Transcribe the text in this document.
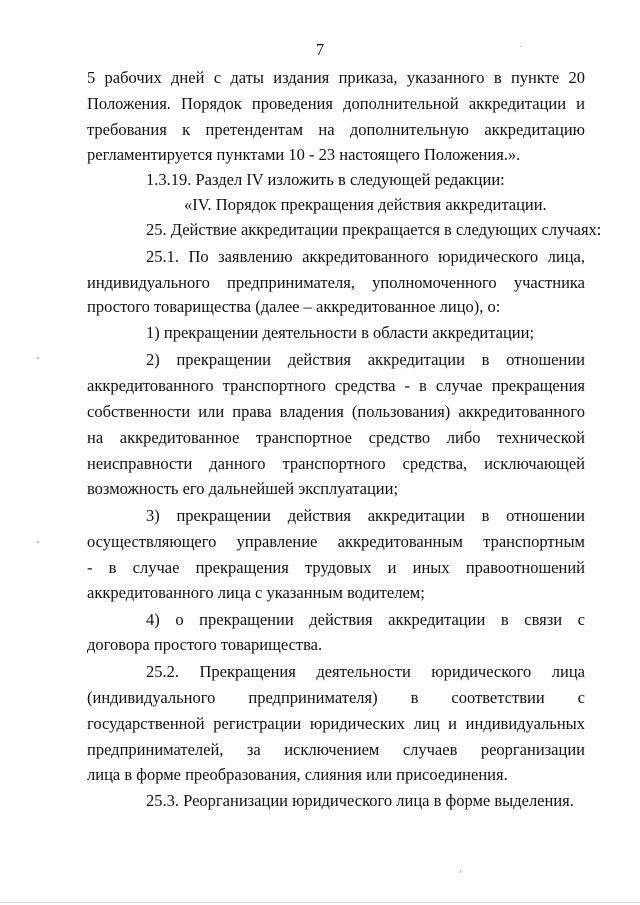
7
5 рабочих дней с даты издания приказа, указанного в пункте 20
Положения. Порядок проведения дополнительной аккредитации и
требования к претендентам на дополнительную аккредитацию
регламентируется пунктами 10 - 23 настоящего Положения.».
1.3.19. Раздел IV изложить в следующей редакции:
«IV. Порядок прекращения действия аккредитации.
25. Действие аккредитации прекращается в следующих случаях:
25.1. По заявлению аккредитованного юридического лица,
индивидуального предпринимателя, уполномоченного участника
простого товарищества (далее – аккредитованное лицо), о:
1) прекращении деятельности в области аккредитации;
2) прекращении действия аккредитации в отношении
аккредитованного транспортного средства - в случае прекращения
собственности или права владения (пользования) аккредитованного
на аккредитованное транспортное средство либо технической
неисправности данного транспортного средства, исключающей
возможность его дальнейшей эксплуатации;
3) прекращении действия аккредитации в отношении
осуществляющего управление аккредитованным транспортным
- в случае прекращения трудовых и иных правоотношений
аккредитованного лица с указанным водителем;
4) о прекращении действия аккредитации в связи с
договора простого товарищества.
25.2. Прекращения деятельности юридического лица
(индивидуального предпринимателя) в соответствии с
государственной регистрации юридических лиц и индивидуальных
предпринимателей, за исключением случаев реорганизации
лица в форме преобразования, слияния или присоединения.
25.3. Реорганизации юридического лица в форме выделения.
